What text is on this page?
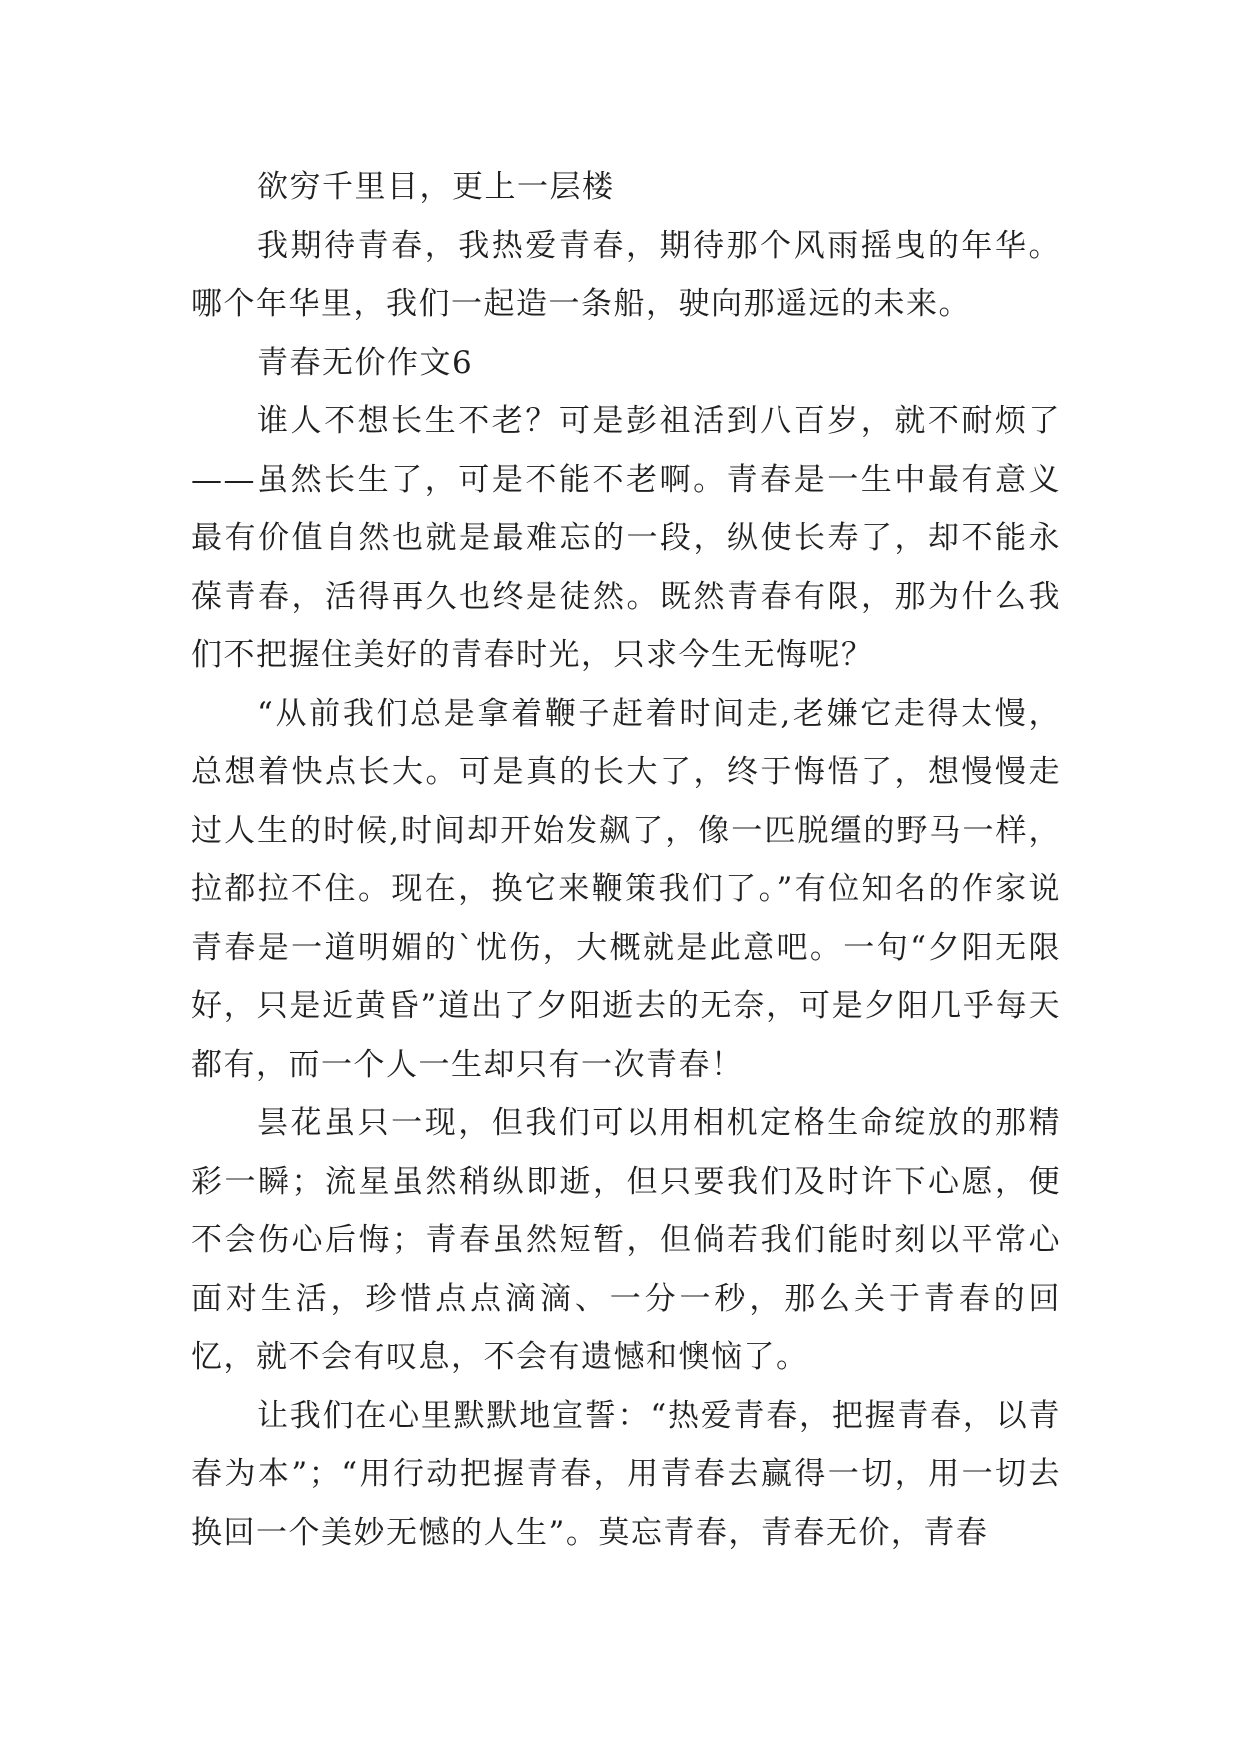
欲穷千里目，更上一层楼

我期待青春，我热爱青春，期待那个风雨摇曳的年华。哪个年华里，我们一起造一条船，驶向那遥远的未来。

青春无价作文6

谁人不想长生不老？可是彭祖活到八百岁，就不耐烦了——虽然长生了，可是不能不老啊。青春是一生中最有意义最有价值自然也就是最难忘的一段，纵使长寿了，却不能永葆青春，活得再久也终是徒然。既然青春有限，那为什么我们不把握住美好的青春时光，只求今生无悔呢？

“从前我们总是拿着鞭子赶着时间走,老嫌它走得太慢，总想着快点长大。可是真的长大了，终于悔悟了，想慢慢走过人生的时候,时间却开始发飙了，像一匹脱缰的野马一样，拉都拉不住。现在，换它来鞭策我们了。”有位知名的作家说青春是一道明媚的`忧伤，大概就是此意吧。一句“夕阳无限好，只是近黄昏”道出了夕阳逝去的无奈，可是夕阳几乎每天都有，而一个人一生却只有一次青春！

昙花虽只一现，但我们可以用相机定格生命绽放的那精彩一瞬；流星虽然稍纵即逝，但只要我们及时许下心愿，便不会伤心后悔；青春虽然短暂，但倘若我们能时刻以平常心面对生活，珍惜点点滴滴、一分一秒，那么关于青春的回忆，就不会有叹息，不会有遗憾和懊恼了。

让我们在心里默默地宣誓：“热爱青春，把握青春，以青春为本”；“用行动把握青春，用青春去赢得一切，用一切去换回一个美妙无憾的人生”。莫忘青春，青春无价，青春
